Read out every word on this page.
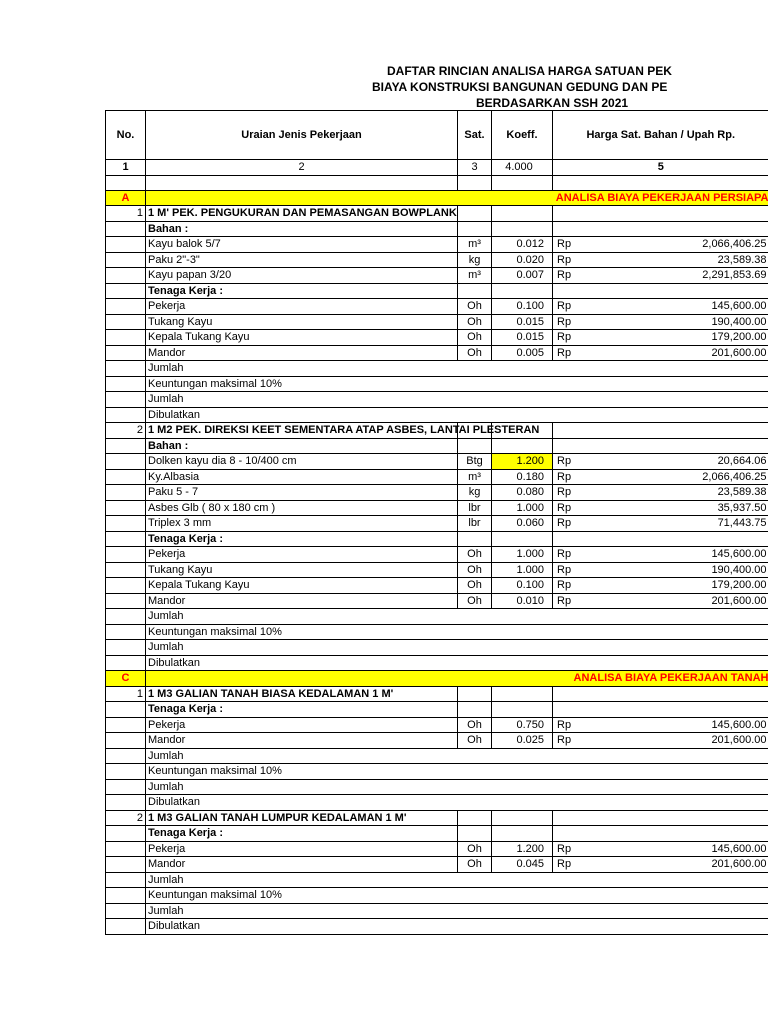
DAFTAR RINCIAN ANALISA HARGA SATUAN PEK
BIAYA KONSTRUKSI BANGUNAN GEDUNG DAN PE
BERDASARKAN SSH 2021
No.	Uraian Jenis Pekerjaan	Sat.	Koeff.	Harga Sat. Bahan / Upah Rp.	
1	2	3	4.000	5	

A	ANALISA BIAYA PEKERJAAN PERSIAPA				
1	1 M' PEK. PENGUKURAN DAN PEMASANGAN BOWPLANK				
	Bahan :				
	Kayu balok 5/7	m³	0.012	Rp	2,066,406.25
	Paku 2"-3"	kg	0.020	Rp	23,589.38
	Kayu papan 3/20	m³	0.007	Rp	2,291,853.69
	Tenaga Kerja :				
	Pekerja	Oh	0.100	Rp	145,600.00
	Tukang Kayu	Oh	0.015	Rp	190,400.00
	Kepala Tukang Kayu	Oh	0.015	Rp	179,200.00
	Mandor	Oh	0.005	Rp	201,600.00
	Jumlah				
	Keuntungan maksimal 10%				
	Jumlah				
	Dibulatkan				
2	1 M2 PEK. DIREKSI KEET SEMENTARA ATAP ASBES, LANTAI PLESTERAN				
	Bahan :				
	Dolken kayu dia 8 - 10/400 cm	Btg	1.200	Rp	20,664.06
	Ky.Albasia	m³	0.180	Rp	2,066,406.25
	Paku 5 - 7	kg	0.080	Rp	23,589.38
	Asbes Glb ( 80 x 180 cm )	lbr	1.000	Rp	35,937.50
	Triplex 3 mm	lbr	0.060	Rp	71,443.75
	Tenaga Kerja :				
	Pekerja	Oh	1.000	Rp	145,600.00
	Tukang Kayu	Oh	1.000	Rp	190,400.00
	Kepala Tukang Kayu	Oh	0.100	Rp	179,200.00
	Mandor	Oh	0.010	Rp	201,600.00
	Jumlah				
	Keuntungan maksimal 10%				
	Jumlah				
	Dibulatkan				
C	ANALISA BIAYA PEKERJAAN TANAH				
1	1 M3 GALIAN TANAH BIASA KEDALAMAN 1 M'				
	Tenaga Kerja :				
	Pekerja	Oh	0.750	Rp	145,600.00
	Mandor	Oh	0.025	Rp	201,600.00
	Jumlah				
	Keuntungan maksimal 10%				
	Jumlah				
	Dibulatkan				
2	1 M3 GALIAN TANAH LUMPUR KEDALAMAN 1 M'				
	Tenaga Kerja :				
	Pekerja	Oh	1.200	Rp	145,600.00
	Mandor	Oh	0.045	Rp	201,600.00
	Jumlah				
	Keuntungan maksimal 10%				
	Jumlah				
	Dibulatkan				
